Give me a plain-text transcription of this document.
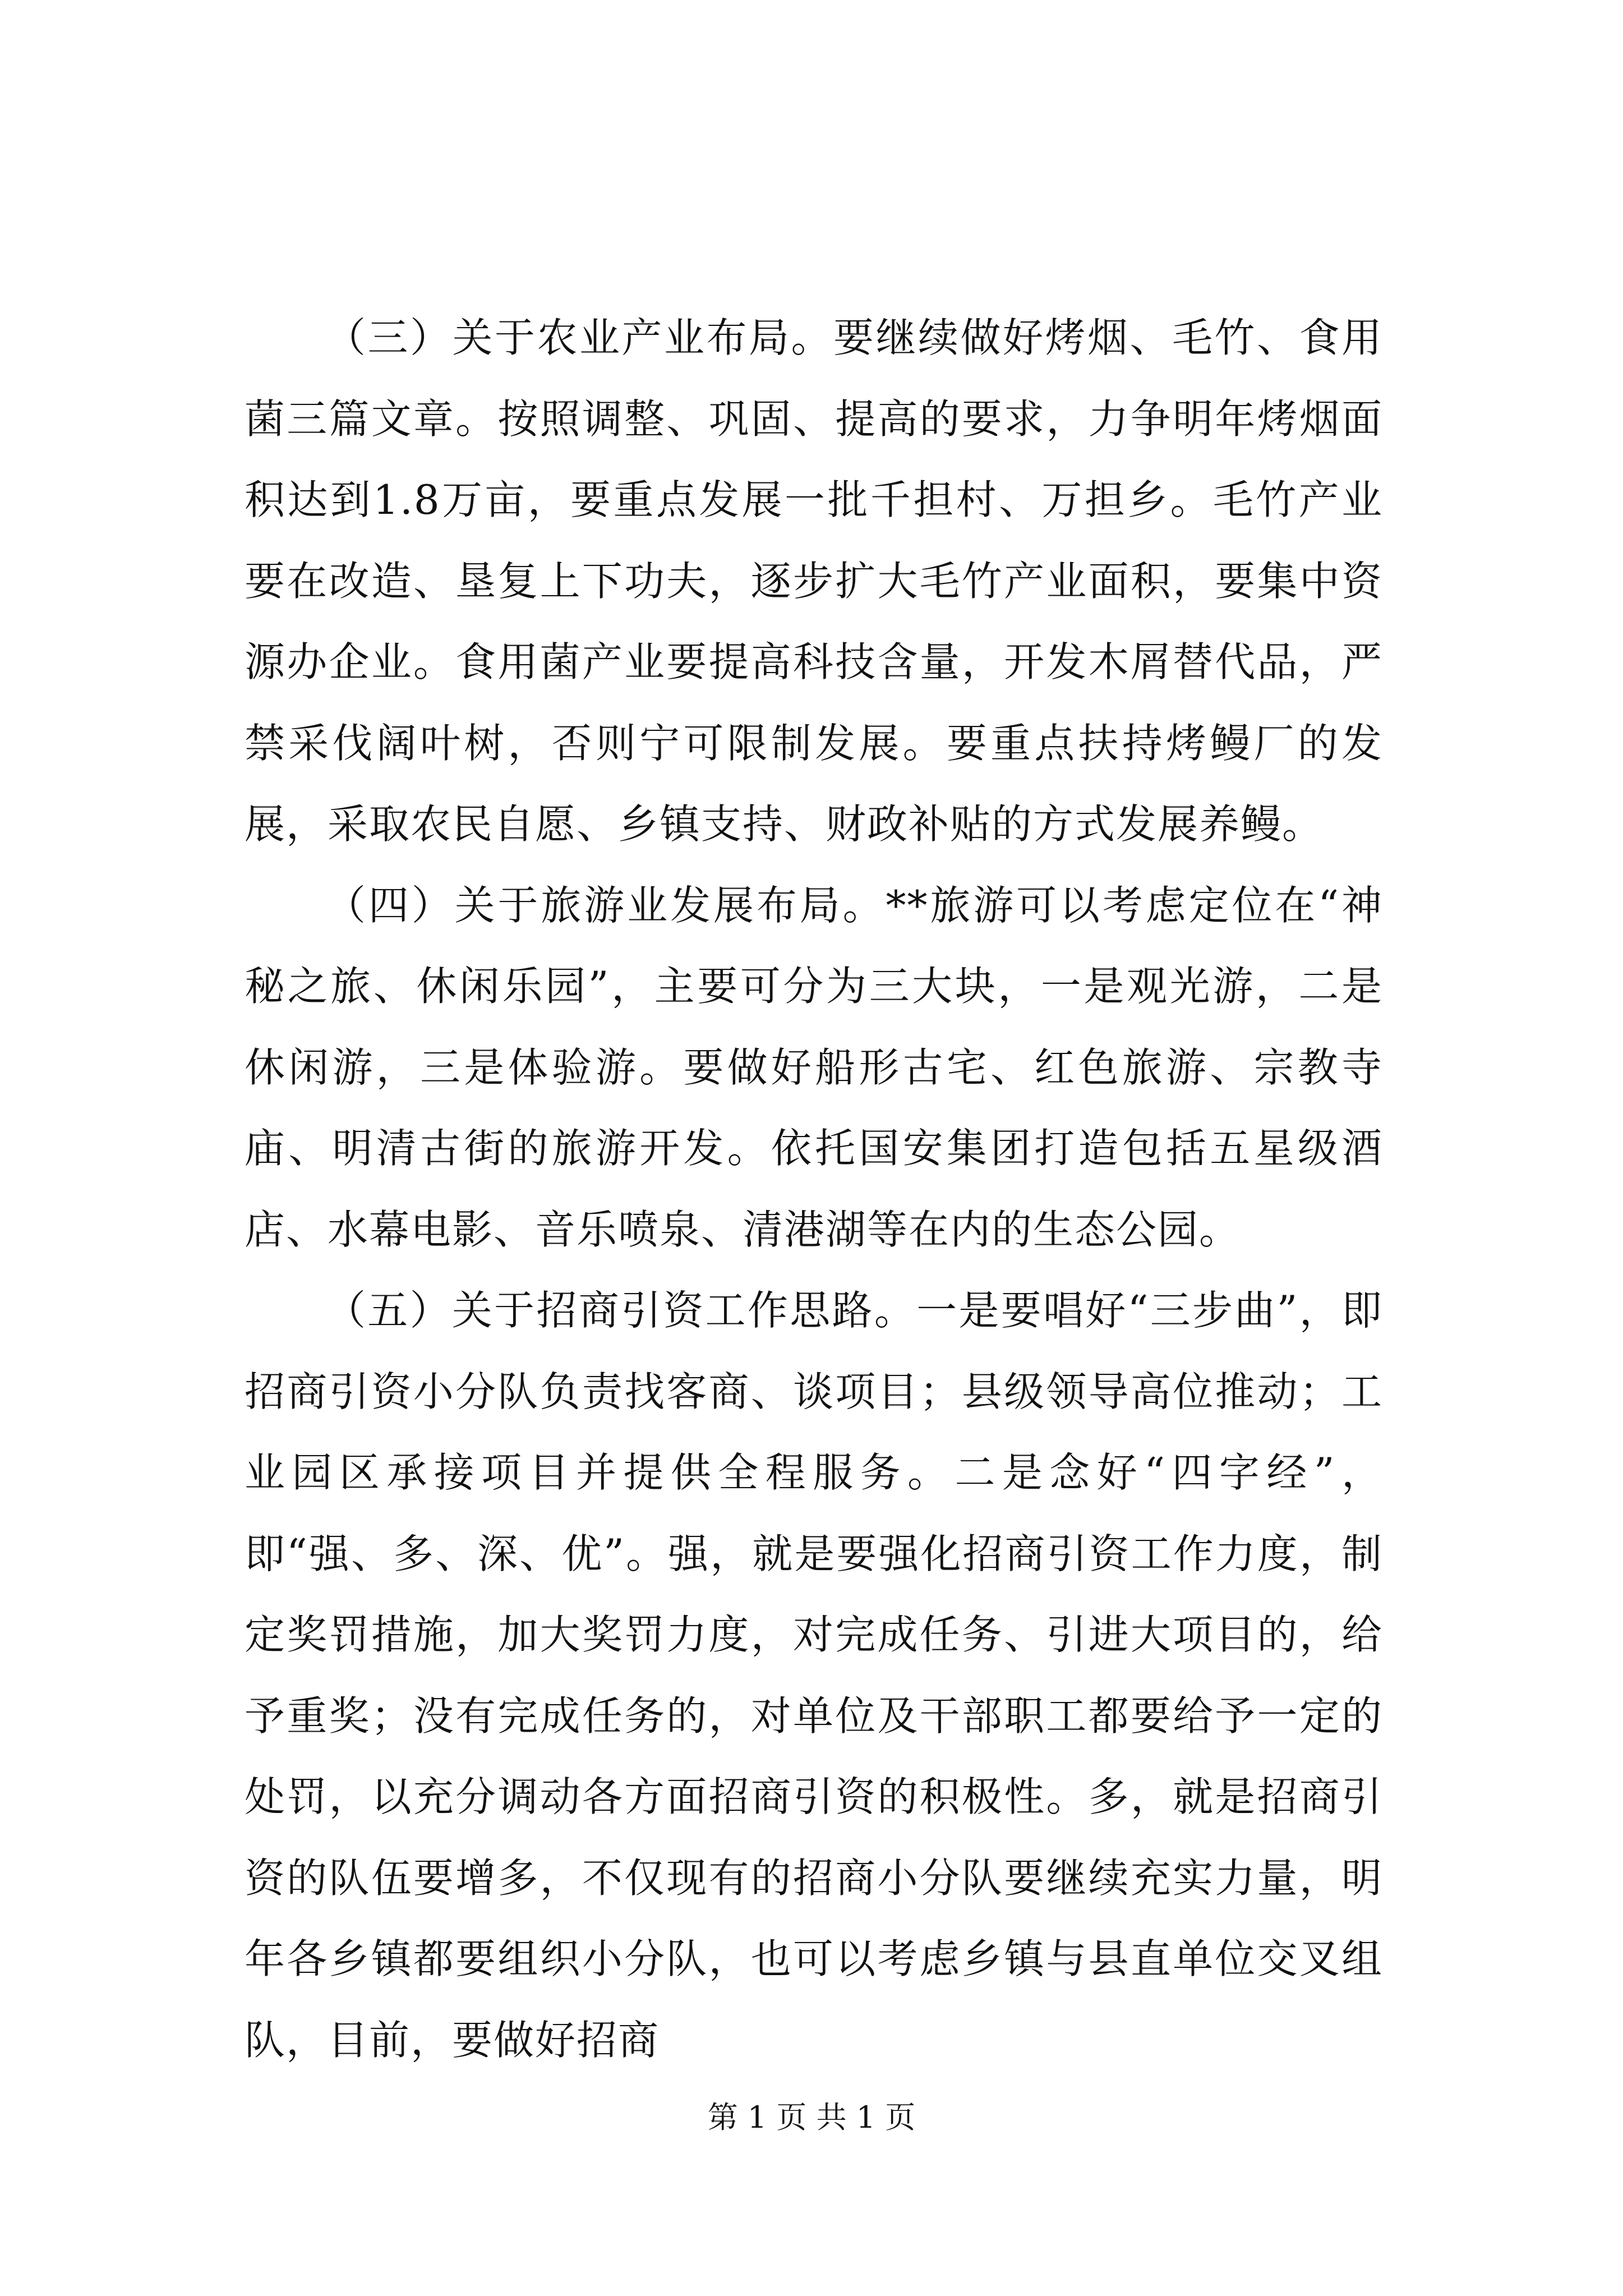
（三）关于农业产业布局。要继续做好烤烟、毛竹、食用菌三篇文章。按照调整、巩固、提高的要求，力争明年烤烟面积达到1.8万亩，要重点发展一批千担村、万担乡。毛竹产业要在改造、垦复上下功夫，逐步扩大毛竹产业面积，要集中资源办企业。食用菌产业要提高科技含量，开发木屑替代品，严禁采伐阔叶树，否则宁可限制发展。要重点扶持烤鳗厂的发展，采取农民自愿、乡镇支持、财政补贴的方式发展养鳗。

（四）关于旅游业发展布局。**旅游可以考虑定位在“神秘之旅、休闲乐园”，主要可分为三大块，一是观光游，二是休闲游，三是体验游。要做好船形古宅、红色旅游、宗教寺庙、明清古街的旅游开发。依托国安集团打造包括五星级酒店、水幕电影、音乐喷泉、清港湖等在内的生态公园。

（五）关于招商引资工作思路。一是要唱好“三步曲”，即招商引资小分队负责找客商、谈项目；县级领导高位推动；工业园区承接项目并提供全程服务。二是念好“四字经”，即“强、多、深、优”。强，就是要强化招商引资工作力度，制定奖罚措施，加大奖罚力度，对完成任务、引进大项目的，给予重奖；没有完成任务的，对单位及干部职工都要给予一定的处罚，以充分调动各方面招商引资的积极性。多，就是招商引资的队伍要增多，不仅现有的招商小分队要继续充实力量，明年各乡镇都要组织小分队，也可以考虑乡镇与县直单位交叉组队，目前，要做好招商

第 1 页 共 1 页
